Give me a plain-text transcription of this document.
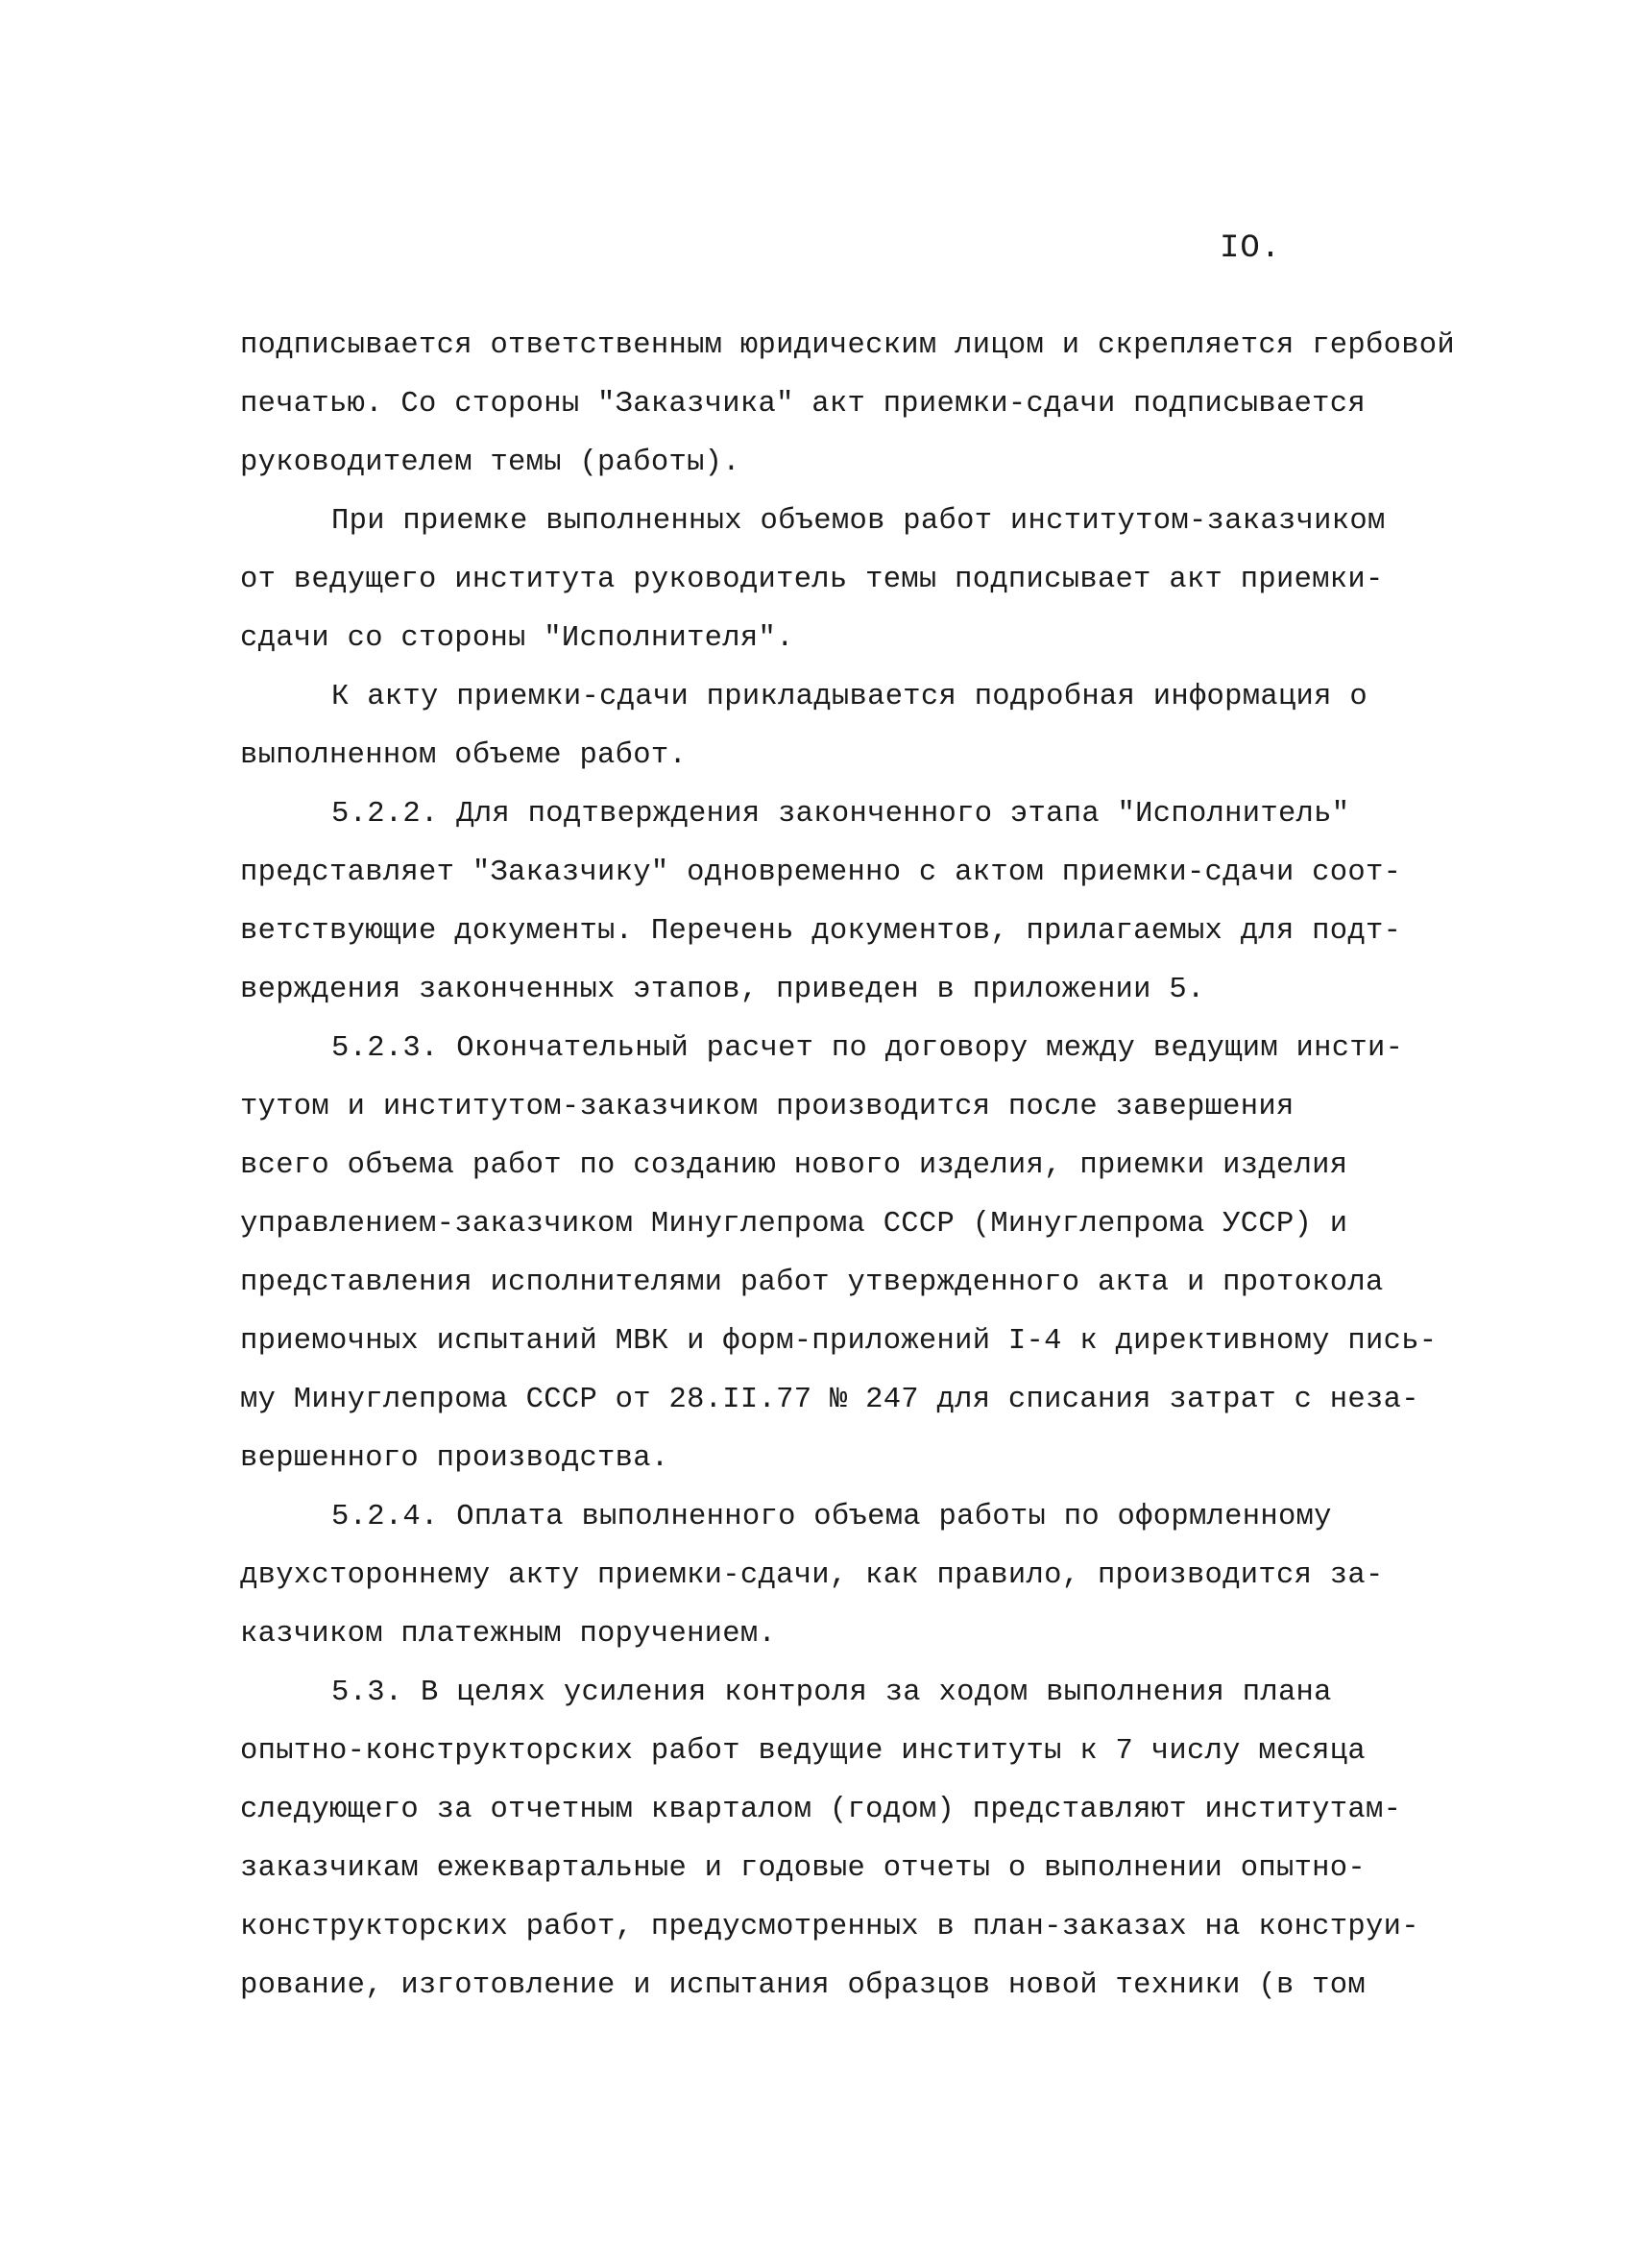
IO.
подписывается ответственным юридическим лицом и скрепляется гербовой
печатью. Со стороны "Заказчика" акт приемки-сдачи подписывается
руководителем темы (работы).
При приемке выполненных объемов работ институтом-заказчиком
от ведущего института руководитель темы подписывает акт приемки-
сдачи со стороны "Исполнителя".
К акту приемки-сдачи прикладывается подробная информация о
выполненном объеме работ.
5.2.2. Для подтверждения законченного этапа "Исполнитель"
представляет "Заказчику" одновременно с актом приемки-сдачи соот-
ветствующие документы. Перечень документов, прилагаемых для подт-
верждения законченных этапов, приведен в приложении 5.
5.2.3. Окончательный расчет по договору между ведущим инсти-
тутом и институтом-заказчиком производится после завершения
всего объема работ по созданию нового изделия, приемки изделия
управлением-заказчиком Минуглепрома СССР (Минуглепрома УССР) и
представления исполнителями работ утвержденного акта и протокола
приемочных испытаний МВК и форм-приложений I-4 к директивному пись-
му Минуглепрома СССР от 28.II.77 № 247 для списания затрат с неза-
вершенного производства.
5.2.4. Оплата выполненного объема работы по оформленному
двухстороннему акту приемки-сдачи, как правило, производится за-
казчиком платежным поручением.
5.3. В целях усиления контроля за ходом выполнения плана
опытно-конструкторских работ ведущие институты к 7 числу месяца
следующего за отчетным кварталом (годом) представляют институтам-
заказчикам ежеквартальные и годовые отчеты о выполнении опытно-
конструкторских работ, предусмотренных в план-заказах на конструи-
рование, изготовление и испытания образцов новой техники (в том
